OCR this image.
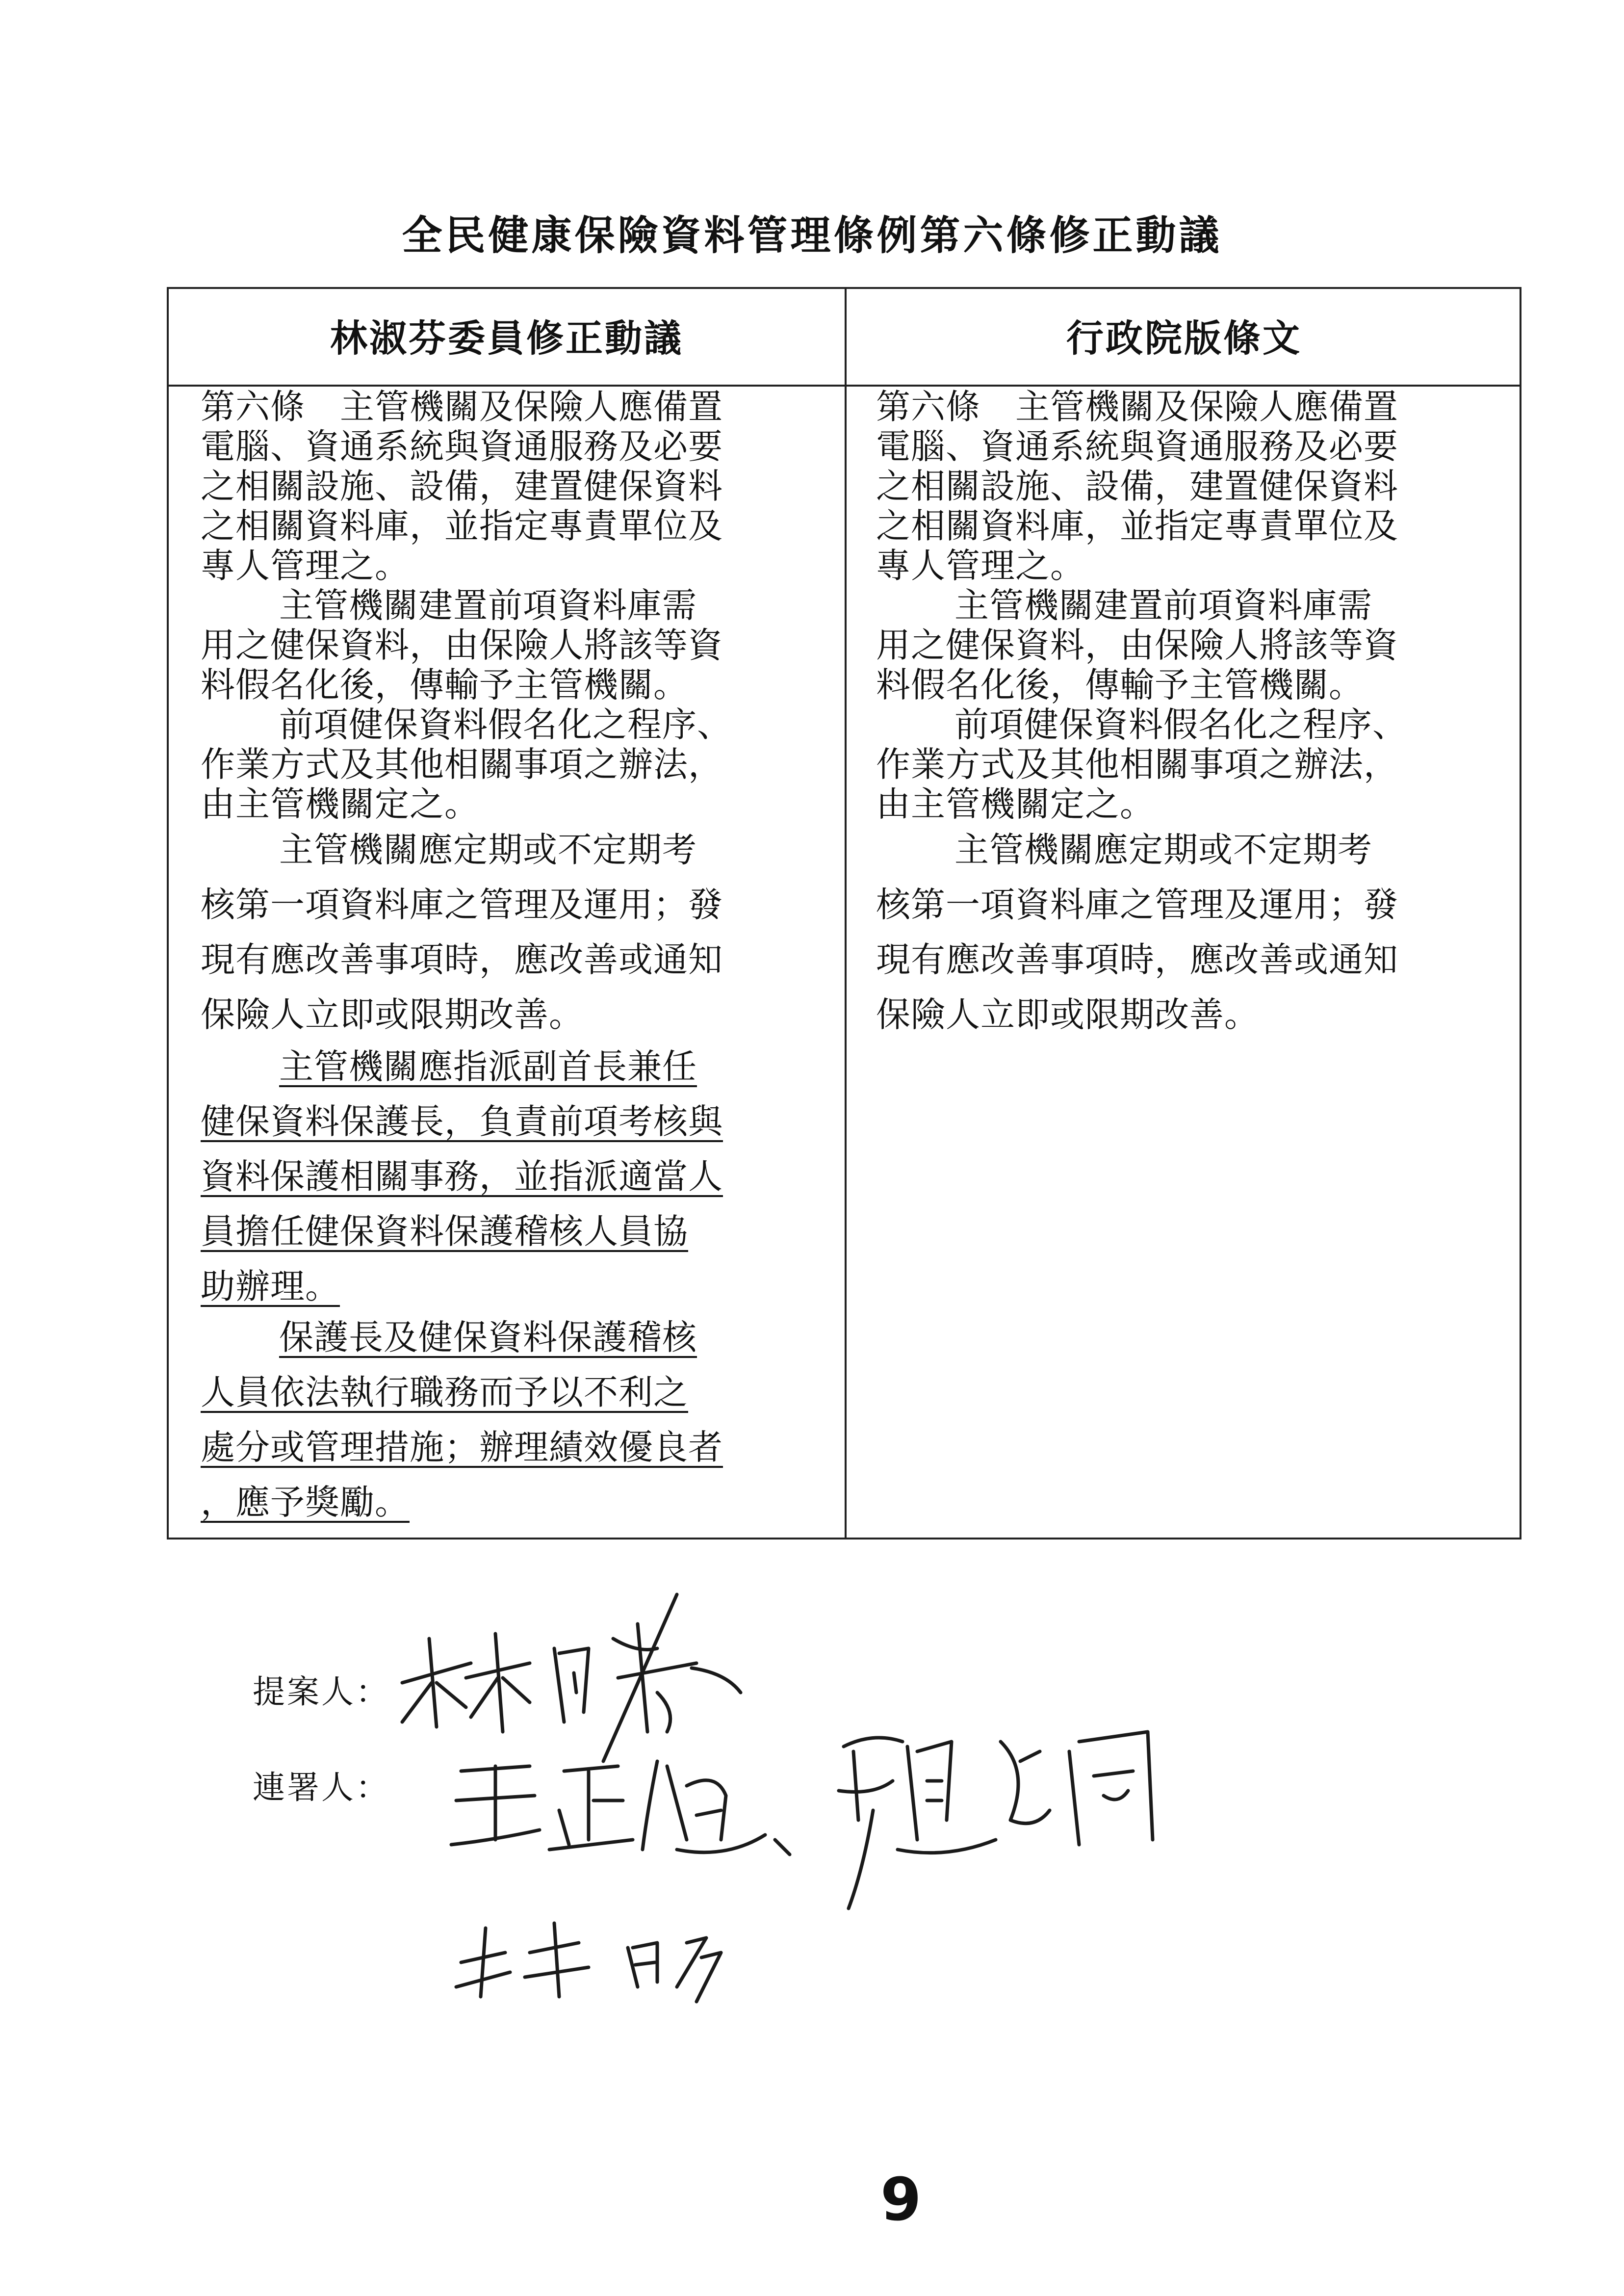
全民健康保險資料管理條例第六條修正動議
林淑芬委員修正動議	行政院版條文

第六條　主管機關及保險人應備置
電腦、資通系統與資通服務及必要
之相關設施、設備，建置健保資料
之相關資料庫，並指定專責單位及
專人管理之。

主管機關建置前項資料庫需
用之健保資料，由保險人將該等資
料假名化後，傳輸予主管機關。

前項健保資料假名化之程序、
作業方式及其他相關事項之辦法，
由主管機關定之。

主管機關應定期或不定期考
核第一項資料庫之管理及運用；發
現有應改善事項時，應改善或通知
保險人立即或限期改善。

主管機關應指派副首長兼任
健保資料保護長，負責前項考核與
資料保護相關事務，並指派適當人
員擔任健保資料保護稽核人員協
助辦理。

保護長及健保資料保護稽核
人員依法執行職務而予以不利之
處分或管理措施；辦理績效優良者
，應予獎勵。

第六條　主管機關及保險人應備置
電腦、資通系統與資通服務及必要
之相關設施、設備，建置健保資料
之相關資料庫，並指定專責單位及
專人管理之。

主管機關建置前項資料庫需
用之健保資料，由保險人將該等資
料假名化後，傳輸予主管機關。

前項健保資料假名化之程序、
作業方式及其他相關事項之辦法，
由主管機關定之。

主管機關應定期或不定期考
核第一項資料庫之管理及運用；發
現有應改善事項時，應改善或通知
保險人立即或限期改善。

提案人：
連署人：
9
